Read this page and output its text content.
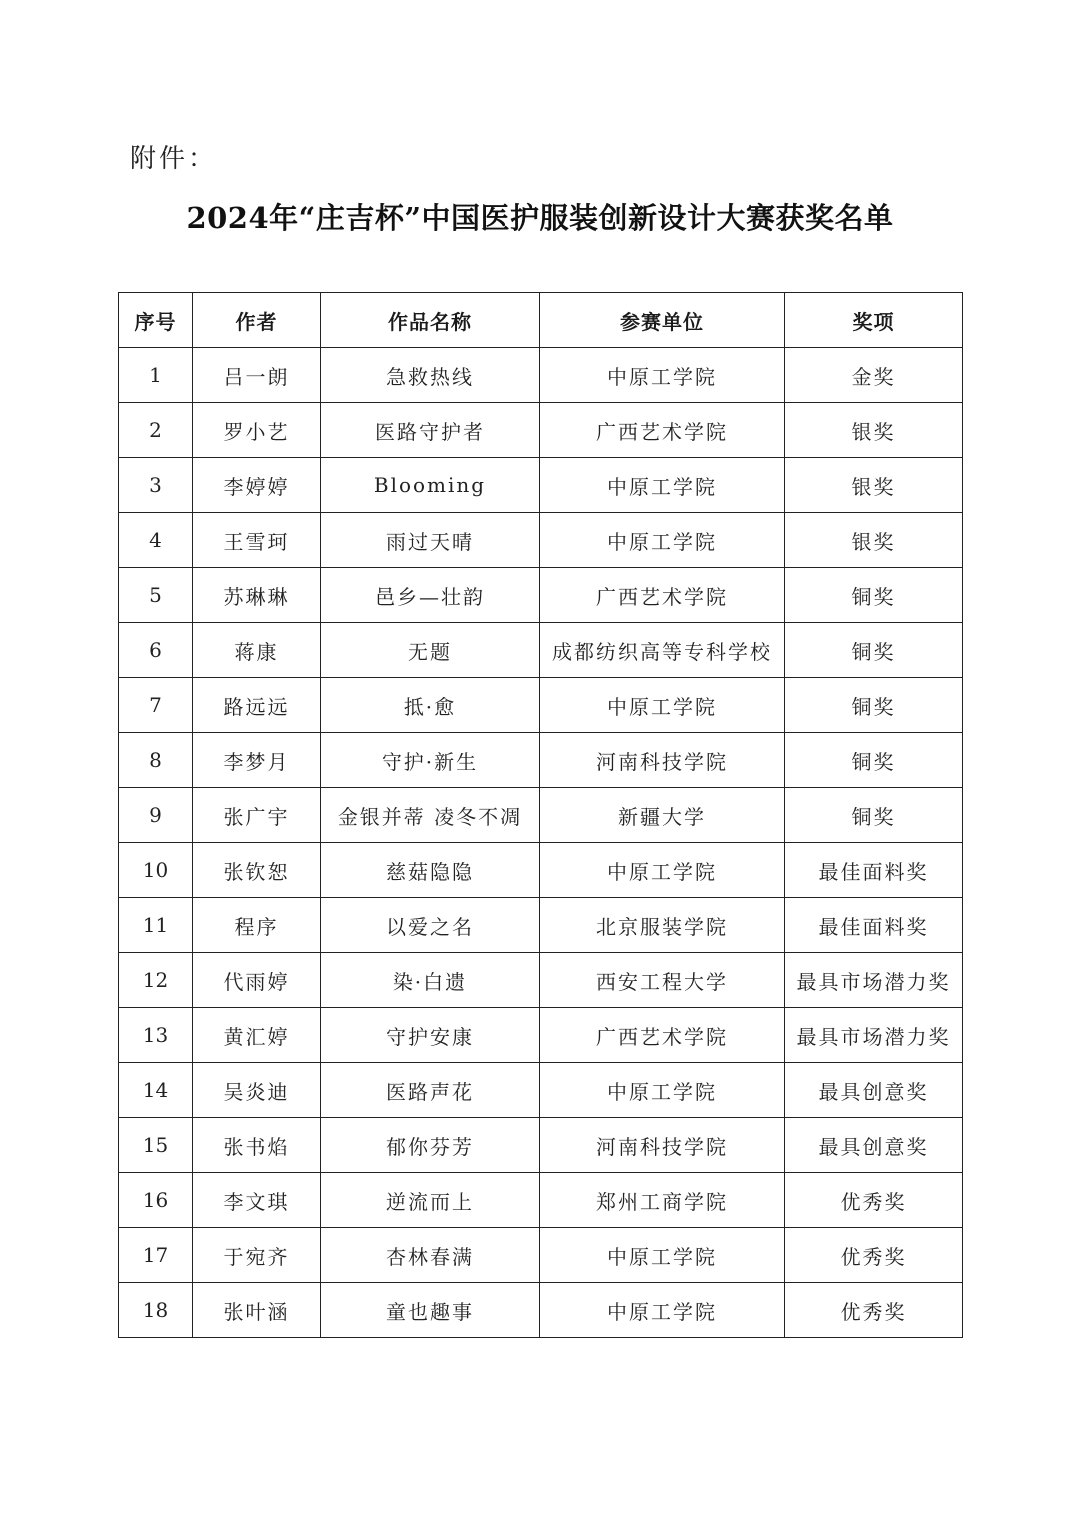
附件：
2024年“庄吉杯”中国医护服装创新设计大赛获奖名单
序号	作者	作品名称	参赛单位	奖项
1	吕一朗	急救热线	中原工学院	金奖
2	罗小艺	医路守护者	广西艺术学院	银奖
3	李婷婷	Blooming	中原工学院	银奖
4	王雪珂	雨过天晴	中原工学院	银奖
5	苏琳琳	邑乡—壮韵	广西艺术学院	铜奖
6	蒋康	无题	成都纺织高等专科学校	铜奖
7	路远远	抵·愈	中原工学院	铜奖
8	李梦月	守护·新生	河南科技学院	铜奖
9	张广宇	金银并蒂 凌冬不凋	新疆大学	铜奖
10	张钦恕	慈菇隐隐	中原工学院	最佳面料奖
11	程序	以爱之名	北京服装学院	最佳面料奖
12	代雨婷	染·白遗	西安工程大学	最具市场潜力奖
13	黄汇婷	守护安康	广西艺术学院	最具市场潜力奖
14	吴炎迪	医路声花	中原工学院	最具创意奖
15	张书焰	郁你芬芳	河南科技学院	最具创意奖
16	李文琪	逆流而上	郑州工商学院	优秀奖
17	于宛齐	杏林春满	中原工学院	优秀奖
18	张叶涵	童也趣事	中原工学院	优秀奖
